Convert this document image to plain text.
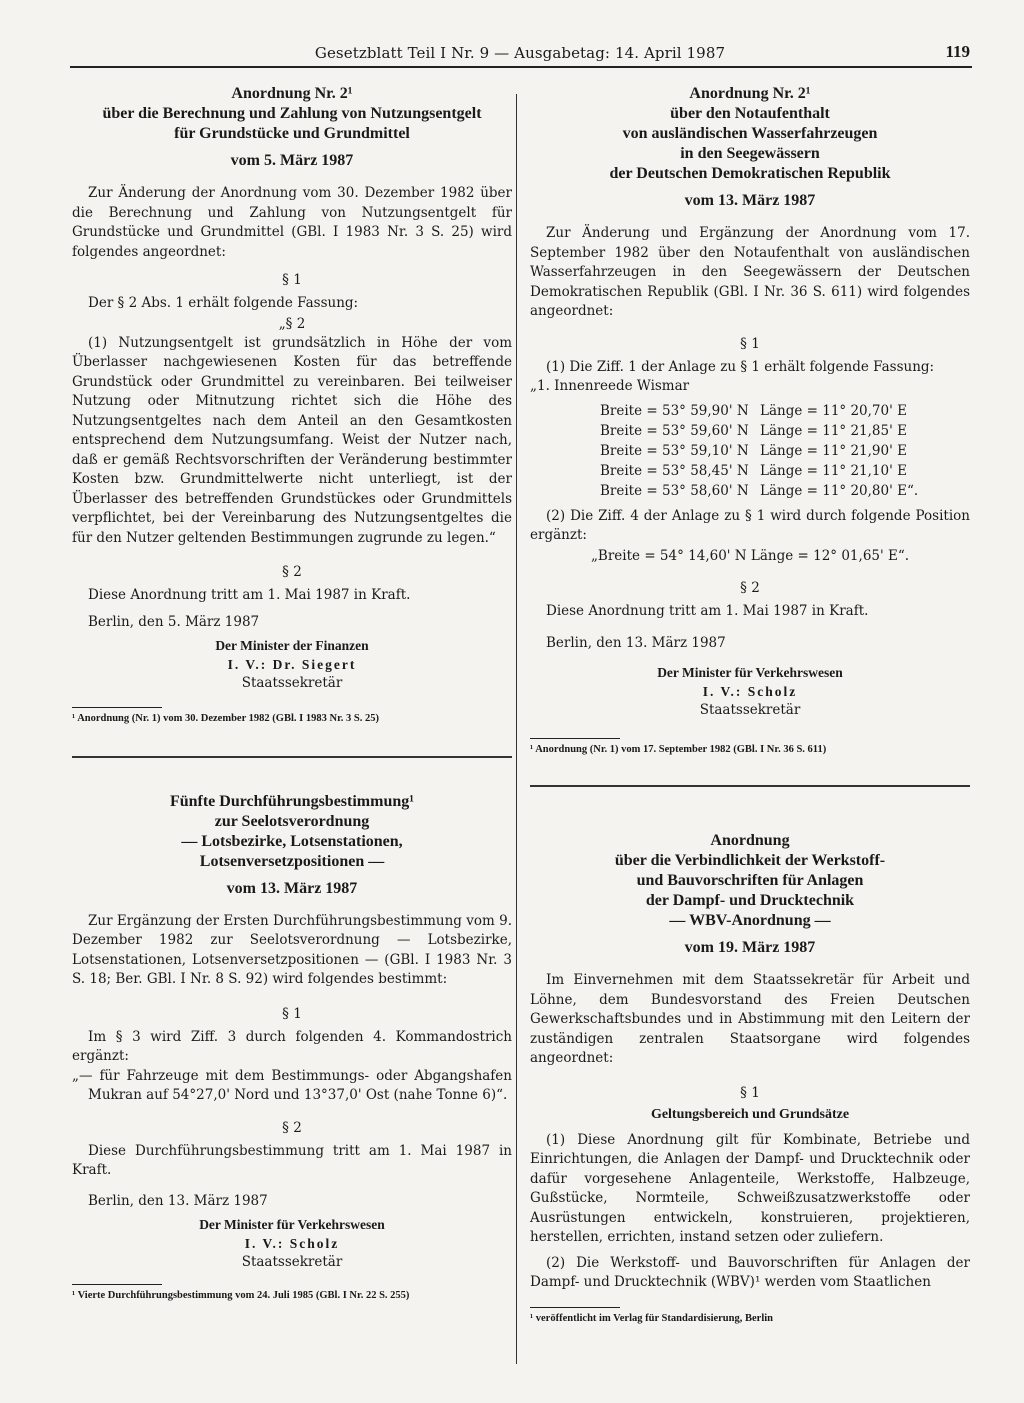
Gesetzblatt Teil I Nr. 9 — Ausgabetag: 14. April 1987	119
Anordnung Nr. 2¹
über die Berechnung und Zahlung von Nutzungsentgelt
für Grundstücke und Grundmittel
vom 5. März 1987

Zur Änderung der Anordnung vom 30. Dezember 1982 über die Berechnung und Zahlung von Nutzungsentgelt für Grundstücke und Grundmittel (GBl. I 1983 Nr. 3 S. 25) wird folgendes angeordnet:

§ 1

Der § 2 Abs. 1 erhält folgende Fassung:

„§ 2

(1) Nutzungsentgelt ist grundsätzlich in Höhe der vom Überlasser nachgewiesenen Kosten für das betreffende Grundstück oder Grundmittel zu vereinbaren. Bei teilweiser Nutzung oder Mitnutzung richtet sich die Höhe des Nutzungsentgeltes nach dem Anteil an den Gesamtkosten entsprechend dem Nutzungsumfang. Weist der Nutzer nach, daß er gemäß Rechtsvorschriften der Veränderung bestimmter Kosten bzw. Grundmittelwerte nicht unterliegt, ist der Überlasser des betreffenden Grundstückes oder Grundmittels verpflichtet, bei der Vereinbarung des Nutzungsentgeltes die für den Nutzer geltenden Bestimmungen zugrunde zu legen.“

§ 2

Diese Anordnung tritt am 1. Mai 1987 in Kraft.

Berlin, den 5. März 1987
Der Minister der Finanzen
I. V.: Dr. Siegert
Staatssekretär
¹ Anordnung (Nr. 1) vom 30. Dezember 1982 (GBl. I 1983 Nr. 3 S. 25)
Fünfte Durchführungsbestimmung¹
zur Seelotsverordnung
— Lotsbezirke, Lotsenstationen,
Lotsenversetzpositionen —
vom 13. März 1987

Zur Ergänzung der Ersten Durchführungsbestimmung vom 9. Dezember 1982 zur Seelotsverordnung — Lotsbezirke, Lotsenstationen, Lotsenversetzpositionen — (GBl. I 1983 Nr. 3 S. 18; Ber. GBl. I Nr. 8 S. 92) wird folgendes bestimmt:

§ 1

Im § 3 wird Ziff. 3 durch folgenden 4. Kommandostrich ergänzt:

„— für Fahrzeuge mit dem Bestimmungs- oder Abgangshafen Mukran auf 54°27,0' Nord und 13°37,0' Ost (nahe Tonne 6)“.

§ 2

Diese Durchführungsbestimmung tritt am 1. Mai 1987 in Kraft.

Berlin, den 13. März 1987
Der Minister für Verkehrswesen
I. V.: Scholz
Staatssekretär
¹ Vierte Durchführungsbestimmung vom 24. Juli 1985 (GBl. I Nr. 22 S. 255)
Anordnung Nr. 2¹
über den Notaufenthalt
von ausländischen Wasserfahrzeugen
in den Seegewässern
der Deutschen Demokratischen Republik
vom 13. März 1987

Zur Änderung und Ergänzung der Anordnung vom 17. September 1982 über den Notaufenthalt von ausländischen Wasserfahrzeugen in den Seegewässern der Deutschen Demokratischen Republik (GBl. I Nr. 36 S. 611) wird folgendes angeordnet:

§ 1

(1) Die Ziff. 1 der Anlage zu § 1 erhält folgende Fassung:

„1. Innenreede Wismar

Breite = 53° 59,90' N Länge = 11° 20,70' E
Breite = 53° 59,60' N Länge = 11° 21,85' E
Breite = 53° 59,10' N Länge = 11° 21,90' E
Breite = 53° 58,45' N Länge = 11° 21,10' E
Breite = 53° 58,60' N Länge = 11° 20,80' E“.

(2) Die Ziff. 4 der Anlage zu § 1 wird durch folgende Position ergänzt:

„Breite = 54° 14,60' N Länge = 12° 01,65' E“.
§ 2

Diese Anordnung tritt am 1. Mai 1987 in Kraft.

Berlin, den 13. März 1987
Der Minister für Verkehrswesen
I. V.: Scholz
Staatssekretär
¹ Anordnung (Nr. 1) vom 17. September 1982 (GBl. I Nr. 36 S. 611)
Anordnung
über die Verbindlichkeit der Werkstoff-
und Bauvorschriften für Anlagen
der Dampf- und Drucktechnik
— WBV-Anordnung —
vom 19. März 1987

Im Einvernehmen mit dem Staatssekretär für Arbeit und Löhne, dem Bundesvorstand des Freien Deutschen Gewerkschaftsbundes und in Abstimmung mit den Leitern der zuständigen zentralen Staatsorgane wird folgendes angeordnet:

§ 1
Geltungsbereich und Grundsätze

(1) Diese Anordnung gilt für Kombinate, Betriebe und Einrichtungen, die Anlagen der Dampf- und Drucktechnik oder dafür vorgesehene Anlagenteile, Werkstoffe, Halbzeuge, Gußstücke, Normteile, Schweißzusatzwerkstoffe oder Ausrüstungen entwickeln, konstruieren, projektieren, herstellen, errichten, instand setzen oder zuliefern.

(2) Die Werkstoff- und Bauvorschriften für Anlagen der Dampf- und Drucktechnik (WBV)¹ werden vom Staatlichen

¹ veröffentlicht im Verlag für Standardisierung, Berlin
